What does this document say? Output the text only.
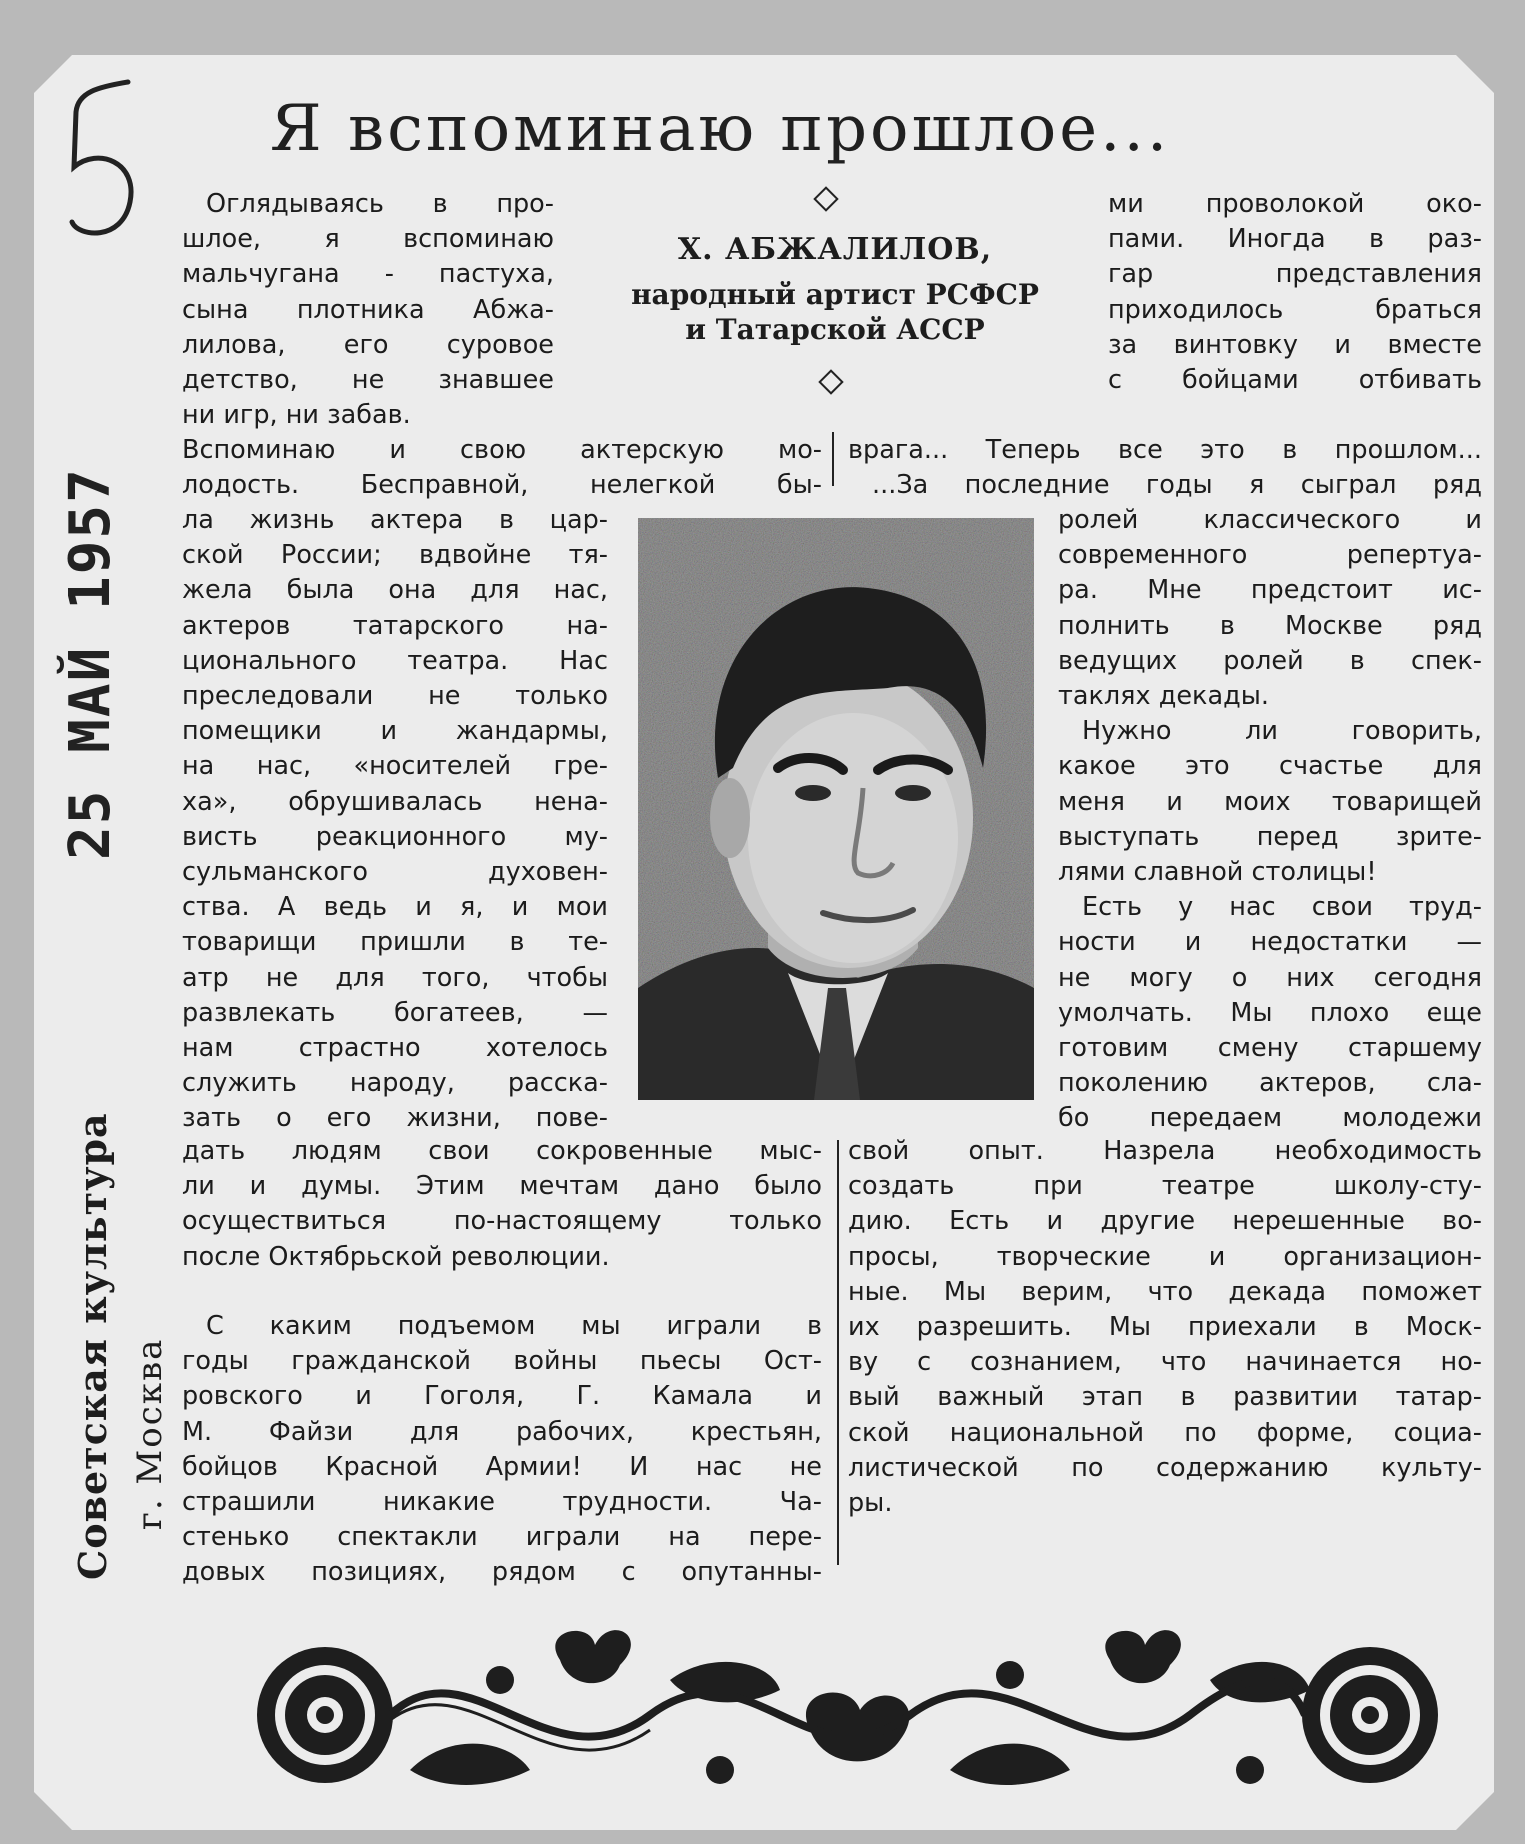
25 МАЙ 1957
Советская культура г. Москва
Я вспоминаю прошлое...
Х. АБЖАЛИЛОВ,
народный артист РСФСР
и Татарской АССР
Оглядываясь в про-
шлое, я вспоминаю
мальчугана - пастуха,
сына плотника Абжа-
лилова, его суровое
детство, не знавшее
ни игр, ни забав.
Вспоминаю и свою актерскую мо-
лодость. Бесправной, нелегкой бы-
ла жизнь актера в цар-
ской России; вдвойне тя-
жела была она для нас,
актеров татарского на-
ционального театра. Нас
преследовали не только
помещики и жандармы,
на нас, «носителей гре-
ха», обрушивалась нена-
висть реакционного му-
сульманского духовен-
ства. А ведь и я, и мои
товарищи пришли в те-
атр не для того, чтобы
развлекать богатеев, —
нам страстно хотелось
служить народу, расска-
зать о его жизни, пове-
дать людям свои сокровенные мыс-
ли и думы. Этим мечтам дано было
осуществиться по-настоящему только
после Октябрьской революции.
С каким подъемом мы играли в
годы гражданской войны пьесы Ост-
ровского и Гоголя, Г. Камала и
М. Файзи для рабочих, крестьян,
бойцов Красной Армии! И нас не
страшили никакие трудности. Ча-
стенько спектакли играли на пере-
довых позициях, рядом с опутанны-
ми проволокой око-
пами. Иногда в раз-
гар представления
приходилось браться
за винтовку и вместе
с бойцами отбивать
врага... Теперь все это в прошлом...
...За последние годы я сыграл ряд
ролей классического и
современного репертуа-
ра. Мне предстоит ис-
полнить в Москве ряд
ведущих ролей в спек-
таклях декады.
Нужно ли говорить,
какое это счастье для
меня и моих товарищей
выступать перед зрите-
лями славной столицы!
Есть у нас свои труд-
ности и недостатки —
не могу о них сегодня
умолчать. Мы плохо еще
готовим смену старшему
поколению актеров, сла-
бо передаем молодежи
свой опыт. Назрела необходимость
создать при театре школу-сту-
дию. Есть и другие нерешенные во-
просы, творческие и организацион-
ные. Мы верим, что декада поможет
их разрешить. Мы приехали в Моск-
ву с сознанием, что начинается но-
вый важный этап в развитии татар-
ской национальной по форме, социа-
листической по содержанию культу-
ры.
